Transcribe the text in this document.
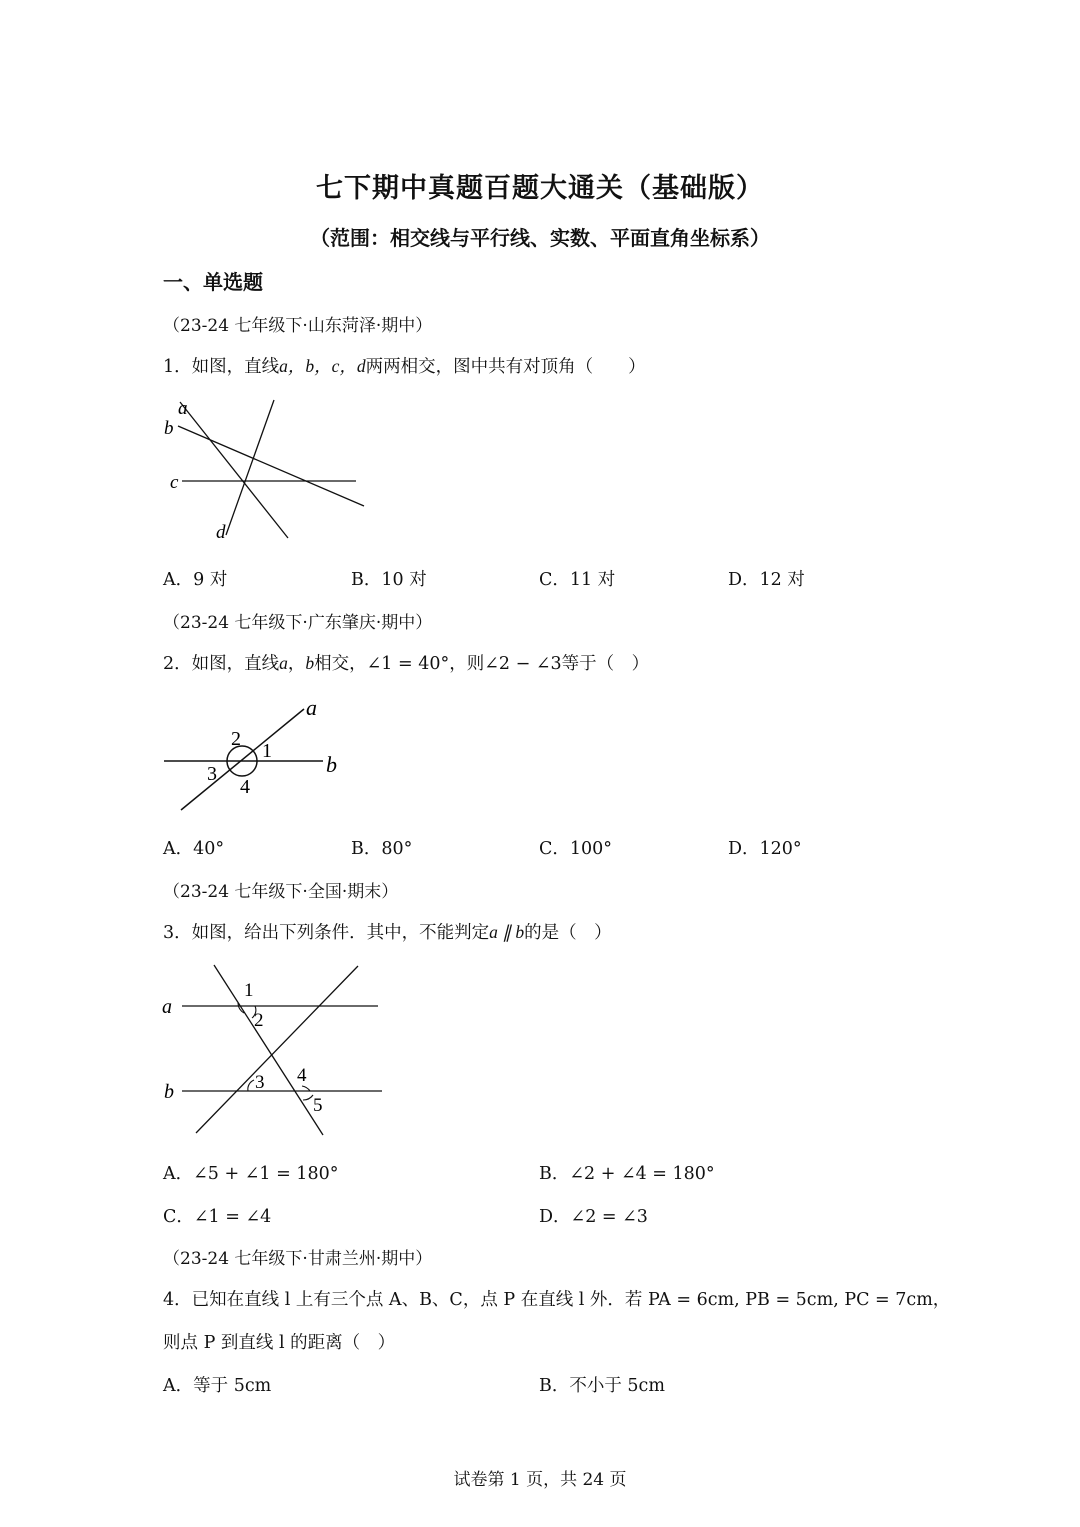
七下期中真题百题大通关（基础版）
（范围：相交线与平行线、实数、平面直角坐标系）
一、单选题
（23-24 七年级下·山东菏泽·期中）
1．如图，直线a，b，c，d两两相交，图中共有对顶角（　　）
a
b
c
d
A．9 对	B．10 对	C．11 对	D．12 对
（23-24 七年级下·广东肇庆·期中）
2．如图，直线a，b相交，∠1 = 40°，则∠2 − ∠3等于（　）
a
b
1
2
3
4
A．40°	B．80°	C．100°	D．120°
（23-24 七年级下·全国·期末）
3．如图，给出下列条件．其中，不能判定a ∥ b的是（　）
a
b
1
2
3 4
5
A．∠5 + ∠1 = 180°	B．∠2 + ∠4 = 180°
C．∠1 = ∠4	D．∠2 = ∠3
（23-24 七年级下·甘肃兰州·期中）
4．已知在直线 l 上有三个点 A、B、C，点 P 在直线 l 外．若 PA = 6cm, PB = 5cm, PC = 7cm，
则点 P 到直线 l 的距离（　）
A．等于 5cm	B．不小于 5cm
试卷第 1 页，共 24 页
